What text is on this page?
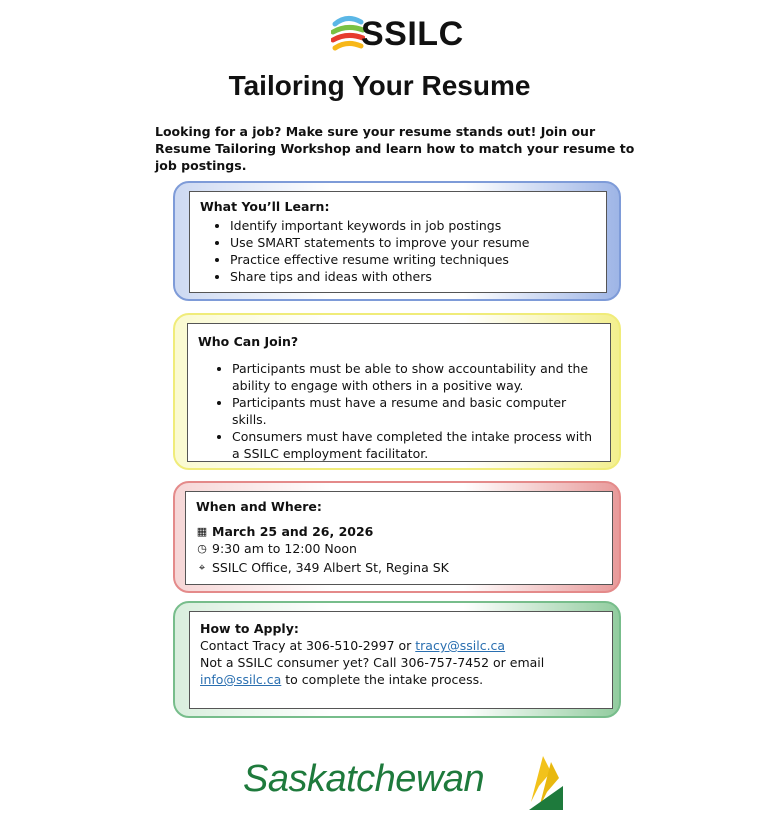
SSILC
Tailoring Your Resume
Looking for a job? Make sure your resume stands out! Join our Resume Tailoring Workshop and learn how to match your resume to job postings.
What You’ll Learn:
• Identify important keywords in job postings
• Use SMART statements to improve your resume
• Practice effective resume writing techniques
• Share tips and ideas with others
Who Can Join?
• Participants must be able to show accountability and the ability to engage with others in a positive way.
• Participants must have a resume and basic computer skills.
• Consumers must have completed the intake process with a SSILC employment facilitator.
When and Where:
▦ March 25 and 26, 2026
◷ 9:30 am to 12:00 Noon
⌖ SSILC Office, 349 Albert St, Regina SK
How to Apply:
Contact Tracy at 306-510-2997 or tracy@ssilc.ca
Not a SSILC consumer yet? Call 306-757-7452 or email
info@ssilc.ca to complete the intake process.
Saskatchewan
